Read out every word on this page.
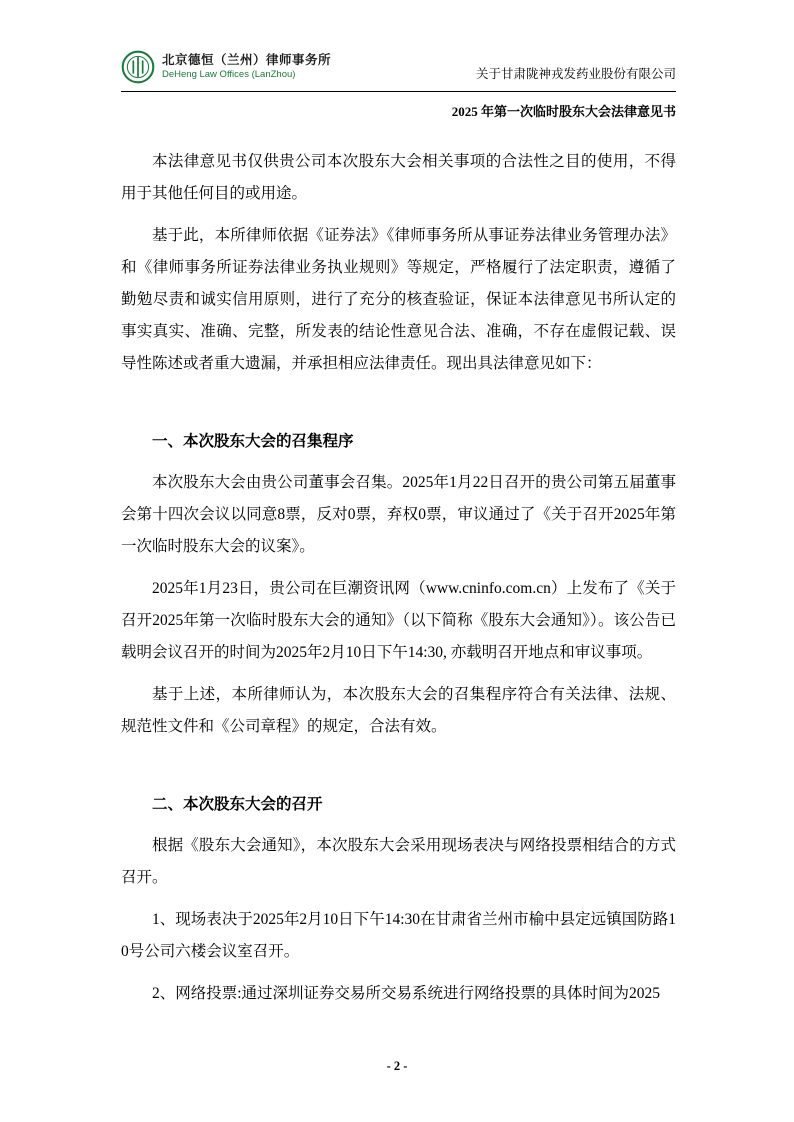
北京德恒（兰州）律师事务所
DeHeng Law Offices (LanZhou)	关于甘肃陇神戎发药业股份有限公司
2025 年第一次临时股东大会法律意见书

本法律意见书仅供贵公司本次股东大会相关事项的合法性之目的使用，不得用于其他任何目的或用途。

基于此，本所律师依据《证券法》《律师事务所从事证券法律业务管理办法》和《律师事务所证券法律业务执业规则》等规定，严格履行了法定职责，遵循了勤勉尽责和诚实信用原则，进行了充分的核查验证，保证本法律意见书所认定的事实真实、准确、完整，所发表的结论性意见合法、准确，不存在虚假记载、误导性陈述或者重大遗漏，并承担相应法律责任。现出具法律意见如下：

一、本次股东大会的召集程序

本次股东大会由贵公司董事会召集。2025年1月22日召开的贵公司第五届董事会第十四次会议以同意8票，反对0票，弃权0票，审议通过了《关于召开2025年第一次临时股东大会的议案》。

2025年1月23日，贵公司在巨潮资讯网（www.cninfo.com.cn）上发布了《关于召开2025年第一次临时股东大会的通知》（以下简称《股东大会通知》）。该公告已载明会议召开的时间为2025年2月10日下午14:30, 亦载明召开地点和审议事项。

基于上述，本所律师认为，本次股东大会的召集程序符合有关法律、法规、规范性文件和《公司章程》的规定，合法有效。

二、本次股东大会的召开

根据《股东大会通知》，本次股东大会采用现场表决与网络投票相结合的方式召开。

1、现场表决于2025年2月10日下午14:30在甘肃省兰州市榆中县定远镇国防路10号公司六楼会议室召开。

2、网络投票:通过深圳证券交易所交易系统进行网络投票的具体时间为2025

- 2 -
